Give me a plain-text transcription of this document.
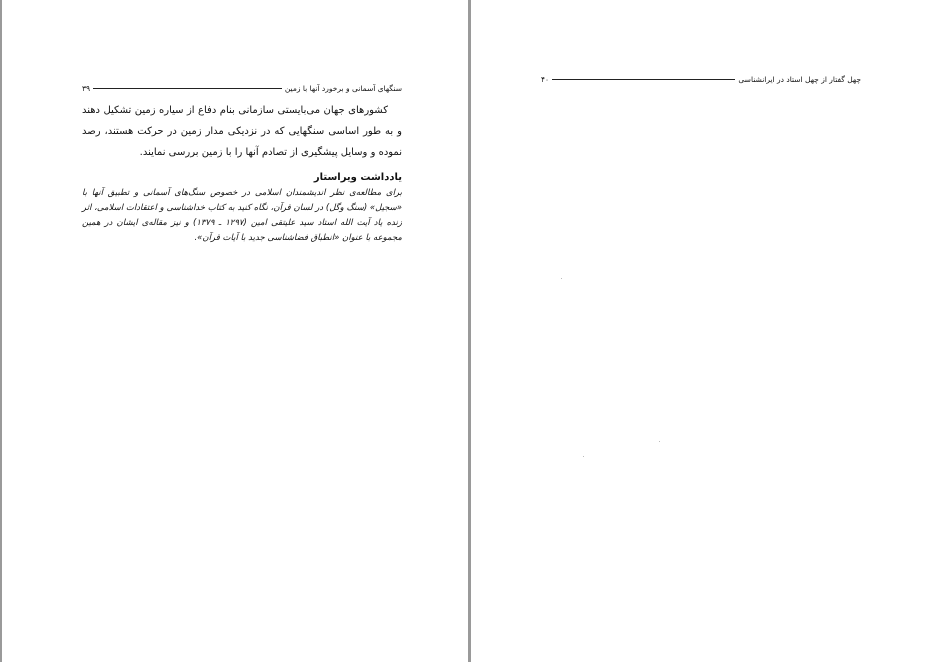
۳۹	سنگهای آسمانی و برخورد آنها با زمین
کشورهای جهان می‌بایستی سازمانی بنام دفاع از سیاره زمین تشکیل دهند و به طور اساسی سنگهایی که در نزدیکی مدار زمین در حرکت هستند، رصد نموده و وسایل پیشگیری از تصادم آنها را با زمین بررسی نمایند.
یادداشت ویراستار
برای مطالعه‌ی نظر اندیشمندان اسلامی در خصوص سنگ‌های آسمانی و تطبیق آنها با «سجیل» (سنگ وگل) در لسان قرآن، نگاه کنید به کتاب خداشناسی و اعتقادات اسلامی، اثر زنده یاد آیت الله استاد سید علیتقی امین (۱۲۹۷ ـ ۱۳۷۹) و نیز مقاله‌ی ایشان در همین مجموعه با عنوان «انطباق فضاشناسی جدید با آیات قرآن».
۴۰	چهل گفتار از چهل استاد در ایرانشناسی
